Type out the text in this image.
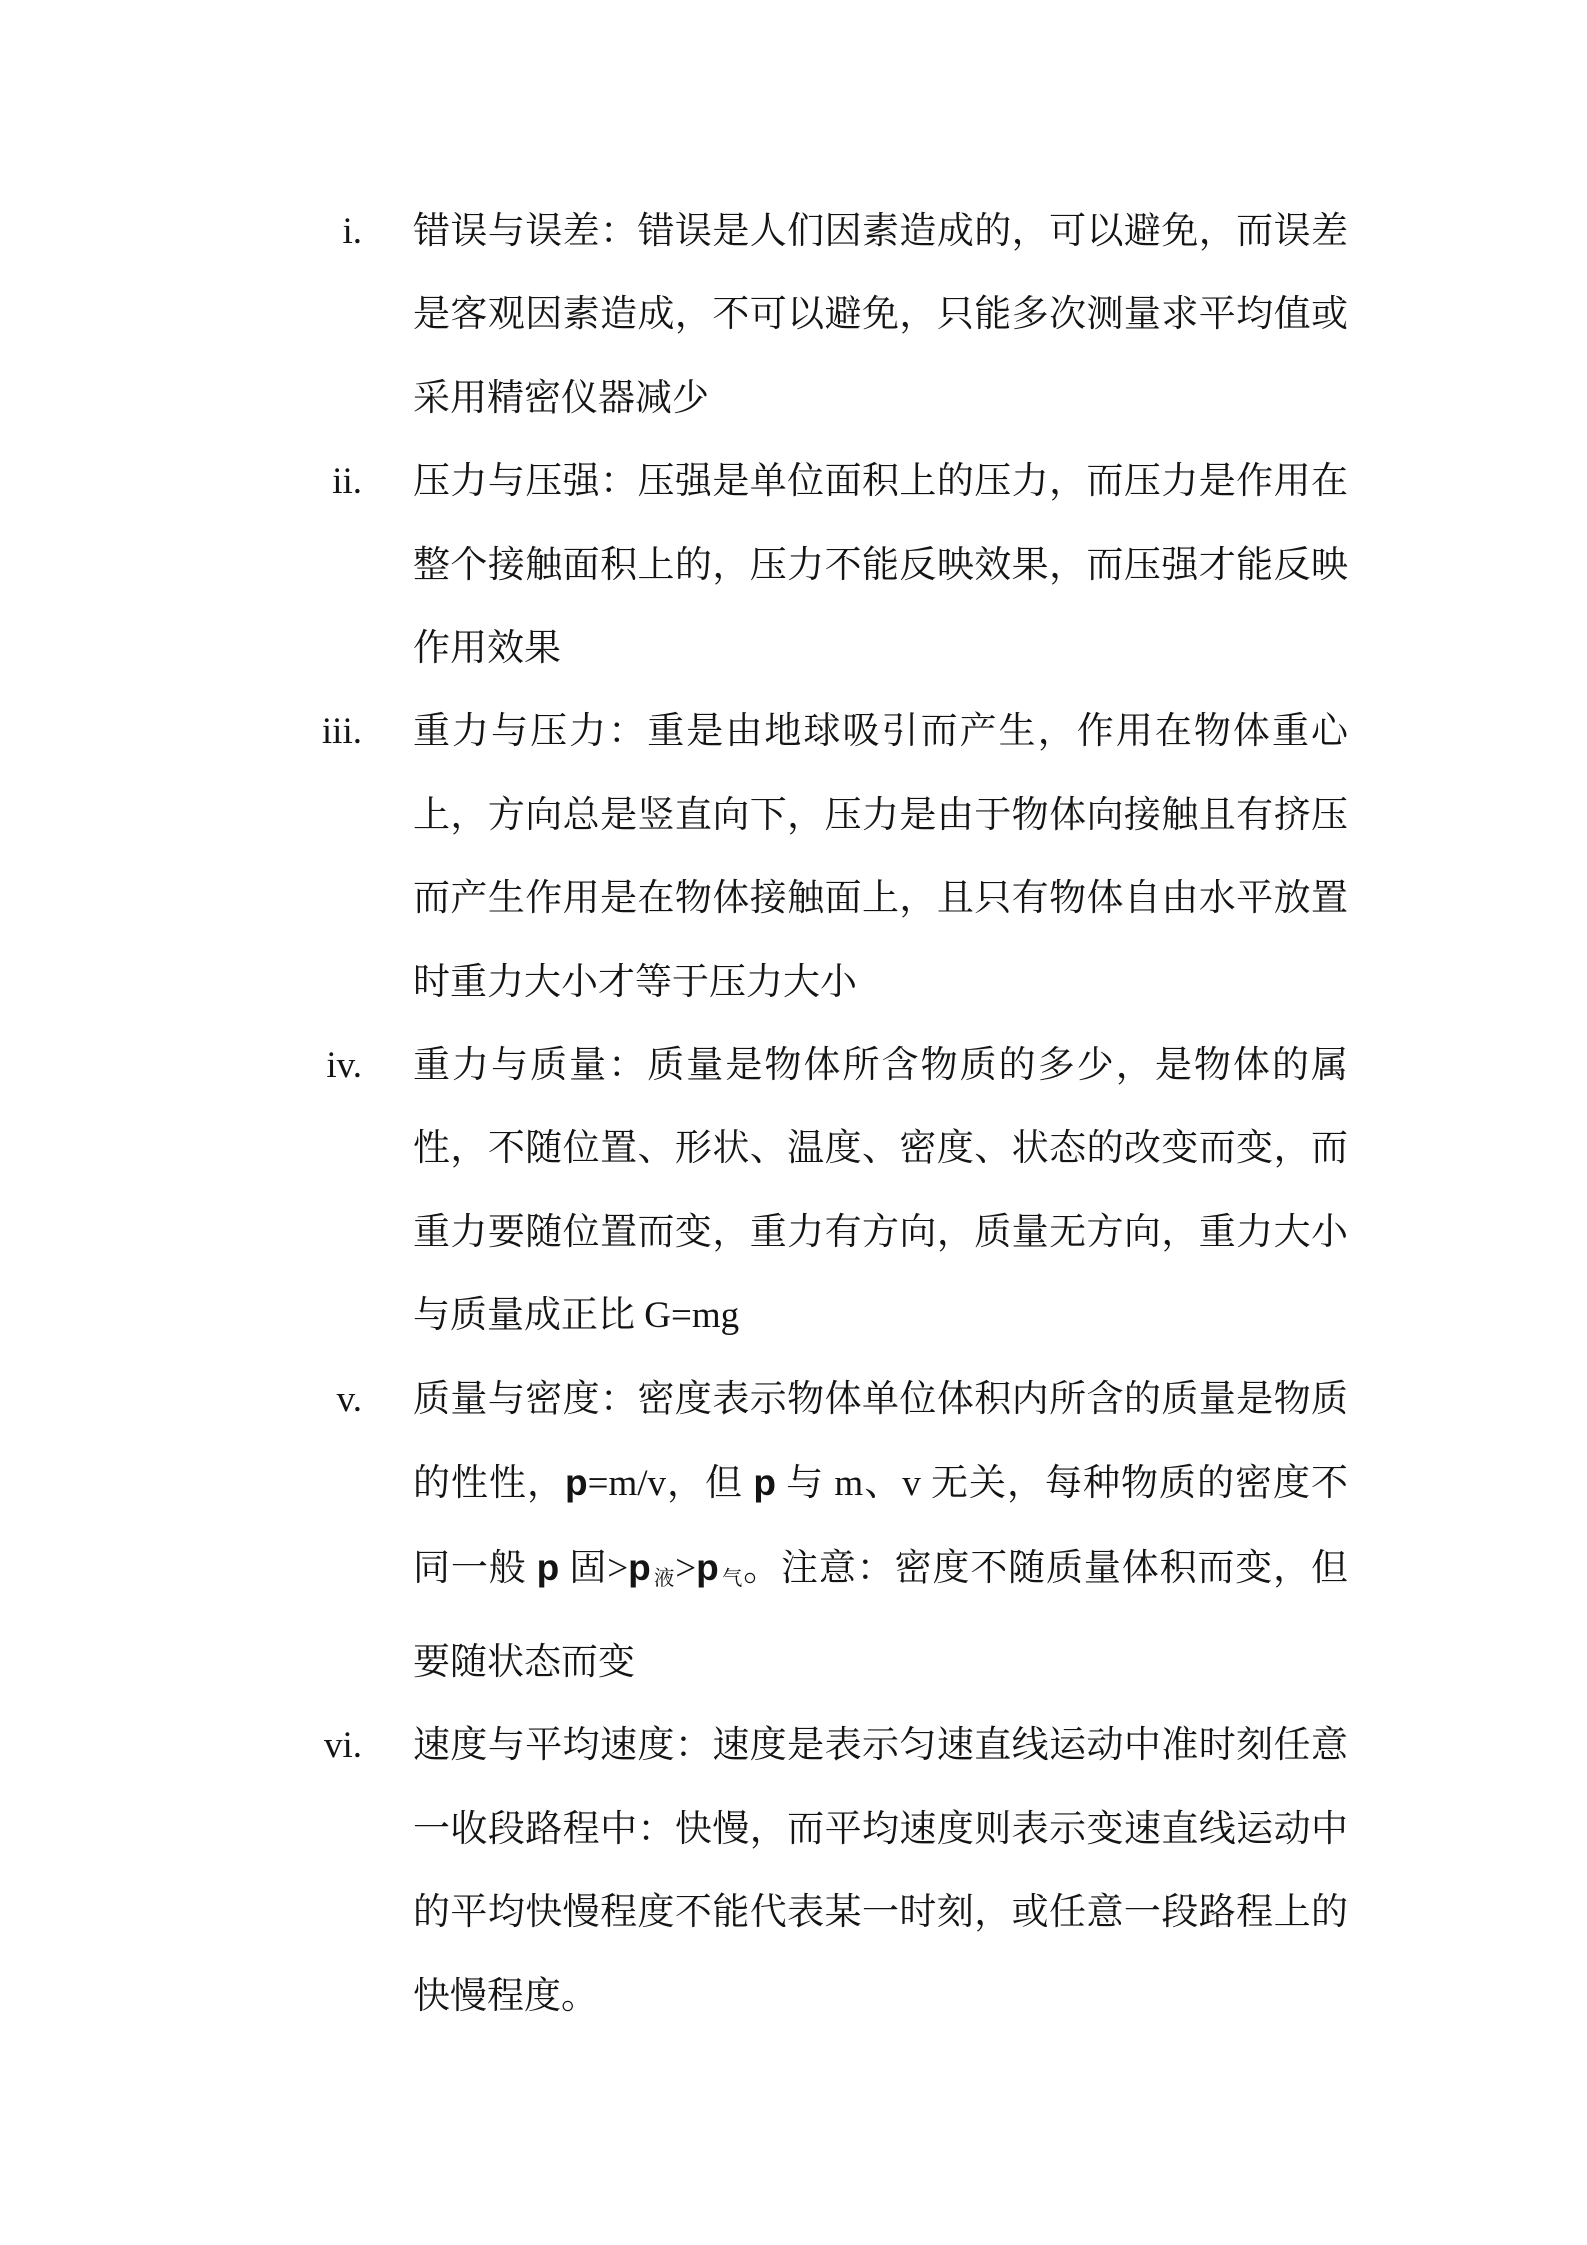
i. 错误与误差：错误是人们因素造成的，可以避免，而误差是客观因素造成，不可以避免，只能多次测量求平均值或采用精密仪器减少
ii. 压力与压强：压强是单位面积上的压力，而压力是作用在整个接触面积上的，压力不能反映效果，而压强才能反映作用效果
iii. 重力与压力：重是由地球吸引而产生，作用在物体重心上，方向总是竖直向下，压力是由于物体向接触且有挤压而产生作用是在物体接触面上，且只有物体自由水平放置时重力大小才等于压力大小
iv. 重力与质量：质量是物体所含物质的多少，是物体的属性，不随位置、形状、温度、密度、状态的改变而变，而重力要随位置而变，重力有方向，质量无方向，重力大小与质量成正比 G=mg
v. 质量与密度：密度表示物体单位体积内所含的质量是物质的性性，p=m/v，但 p 与 m、v 无关，每种物质的密度不同一般 p 固>p $_液$>p $_气$。注意：密度不随质量体积而变，但要随状态而变
vi. 速度与平均速度：速度是表示匀速直线运动中准时刻任意一收段路程中：快慢，而平均速度则表示变速直线运动中的平均快慢程度不能代表某一时刻，或任意一段路程上的快慢程度。
